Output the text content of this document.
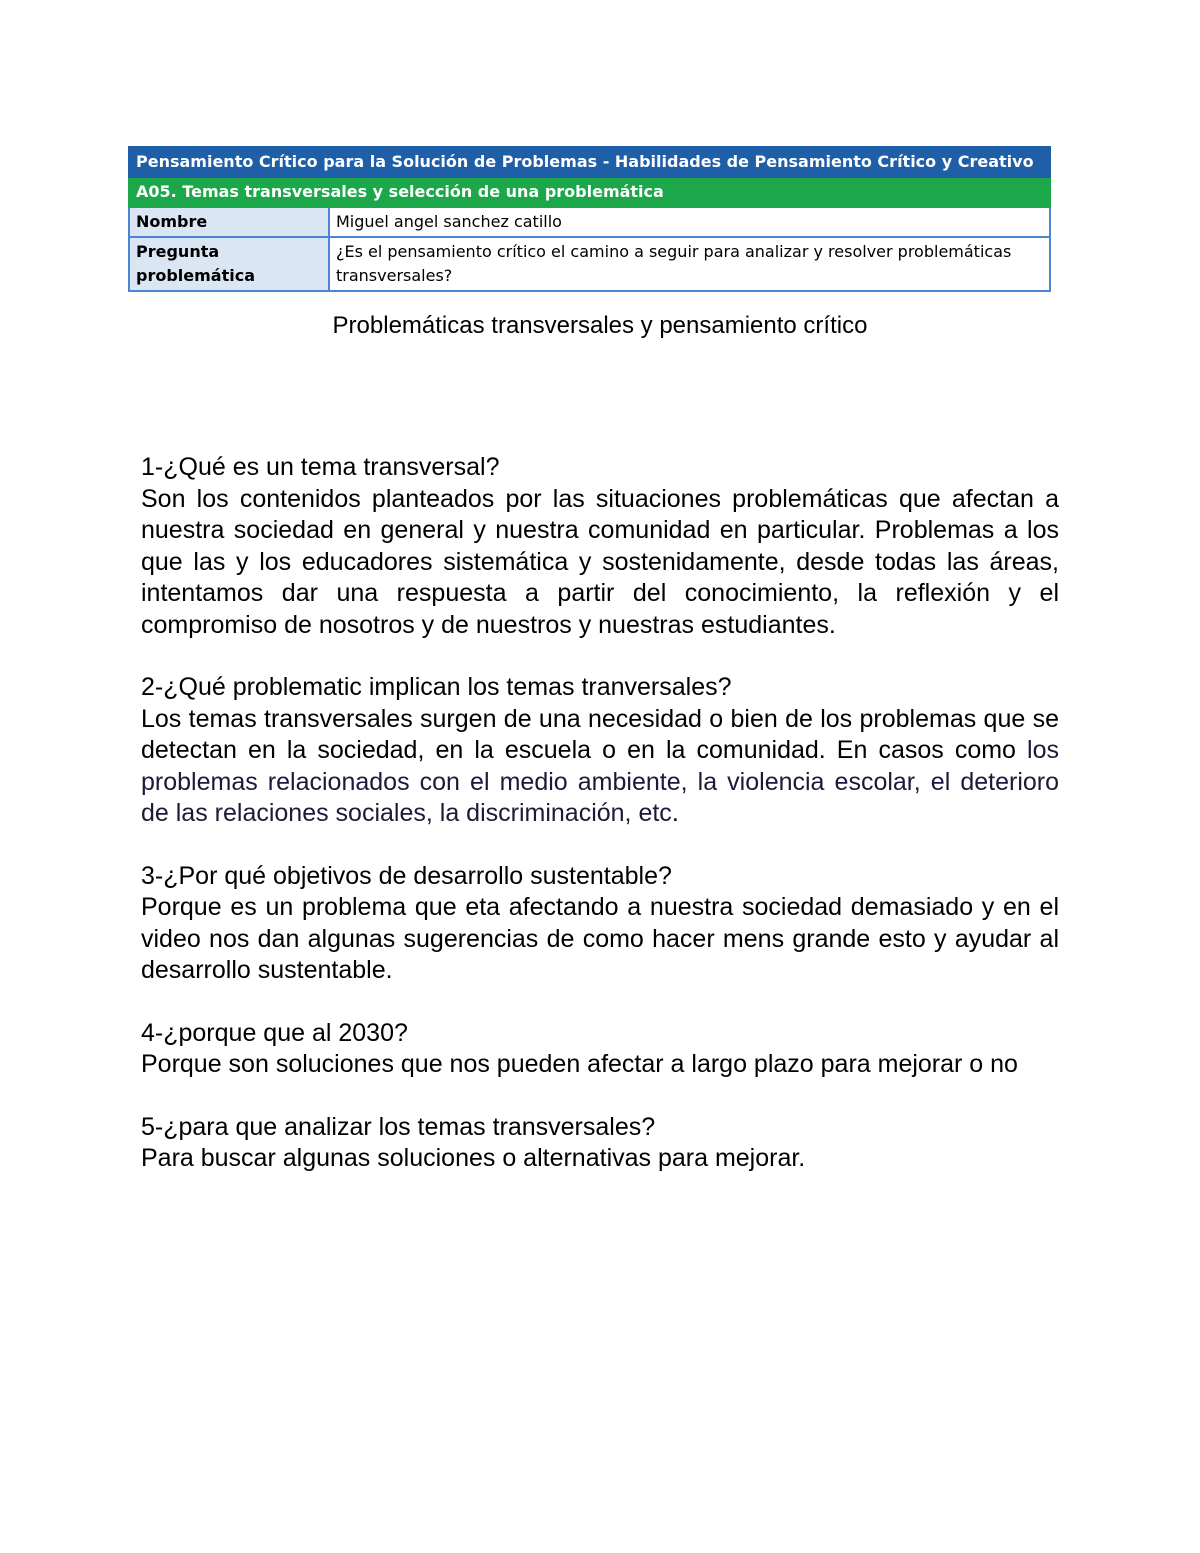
Pensamiento Crítico para la Solución de Problemas - Habilidades de Pensamiento Crítico y Creativo	
A05. Temas transversales y selección de una problemática	
Nombre	Miguel angel sanchez catillo
Pregunta problemática	¿Es el pensamiento crítico el camino a seguir para analizar y resolver problemáticas transversales?
Problemáticas transversales y pensamiento crítico

1-¿Qué es un tema transversal?

Son los contenidos planteados por las situaciones problemáticas que afectan a nuestra sociedad en general y nuestra comunidad en particular. Problemas a los que las y los educadores sistemática y sostenidamente, desde todas las áreas, intentamos dar una respuesta a partir del conocimiento, la reflexión y el compromiso de nosotros y de nuestros y nuestras estudiantes.

2-¿Qué problematic implican los temas tranversales?

Los temas transversales surgen de una necesidad o bien de los problemas que se detectan en la sociedad, en la escuela o en la comunidad. En casos como los problemas relacionados con el medio ambiente, la violencia escolar, el deterioro de las relaciones sociales, la discriminación, etc.

3-¿Por qué objetivos de desarrollo sustentable?

Porque es un problema que eta afectando a nuestra sociedad demasiado y en el video nos dan algunas sugerencias de como hacer mens grande esto y ayudar al desarrollo sustentable.

4-¿porque que al 2030?

Porque son soluciones que nos pueden afectar a largo plazo para mejorar o no

5-¿para que analizar los temas transversales?

Para buscar algunas soluciones o alternativas para mejorar.
